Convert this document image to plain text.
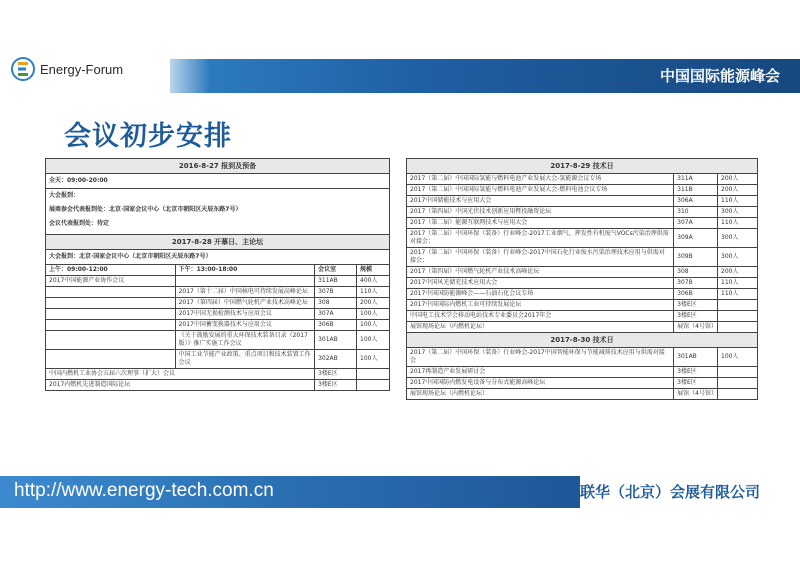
Energy-Forum	中国国际能源峰会
会议初步安排
2016-8-27 报到及预备			
全天：09:00-20:00			
大会报到：			
展商参会代表报到处：北京·国家会议中心（北京市朝阳区天辰东路7号）			
会议代表报到处：待定			
2017-8-28 开幕日、主论坛			
大会报到：北京·国家会议中心（北京市朝阳区天辰东路7号）			
上午：09:00-12:00	下午：13:00-18:00	会议室	规模
2017中国能源产业协作会议		311AB	400人
	2017（第十二届）中国核电可持续发展高峰论坛	307B	110人
	2017（第四届）中国燃气轮机产业技术高峰论坛	308	200人
	2017中国无损检测技术与应用会议	307A	100人
	2017中国蓄变换器技术与应用会议	306B	100人
	《关于鼓励发展的重大环保技术装备目录（2017版）》推广实施工作会议	301AB	100人
	中国工业节能产业政策、重点项目和技术装置工作会议	302AB	100人
中国内燃机工业协会五届六次理事（扩大）会议		3楼E区	
2017内燃机先进制造国际论坛		3楼E区	
2017-8-29 技术日		
2017（第二届）中国国际氢能与燃料电池产业发展大会-氢能源会议专场	311A	200人
2017（第二届）中国国际氢能与燃料电池产业发展大会-燃料电池会议专场	311B	200人
2017中国储能技术与应用大会	306A	110人
2017（第四届）中国光伏技术创新应用暨投融资论坛	310	300人
2017（第二届）能源互联网技术与应用大会	307A	110人
2017（第二届）中国环保（装备）行业峰会-2017工业烟气、挥发性有机废气VOCs污染治理供需对接会；	309A	300人
2017（第二届）中国环保（装备）行业峰会-2017中国石化行业废水污染治理技术应用与供需对接会；	309B	300人
2017（第四届）中国燃气轮机产业技术高峰论坛	308	200人
2017中国风光储充技术应用大会	307B	110人
2017中国国防能源峰会——石油石化会议专场	306B	110人
2017中国国际内燃机工业可持续发展论坛	3楼E区	
中国电工技术学会移动电站技术专业委员会2017年会	3楼E区	
展馆现场论坛（内燃机论坛）	展馆（4号馆）	
2017-8-30 技术日		
2017（第二届）中国环保（装备）行业峰会-2017中国智能环保与节能减排技术应用与供需对接会	301AB	100人
2017再制造产业发展研讨会	3楼E区	
2017中国国防内燃发电设备与分布式能源高峰论坛	3楼E区	
展馆现场论坛（内燃机论坛）	展馆（4号馆）	
http://www.energy-tech.com.cn	中机联华（北京）会展有限公司
